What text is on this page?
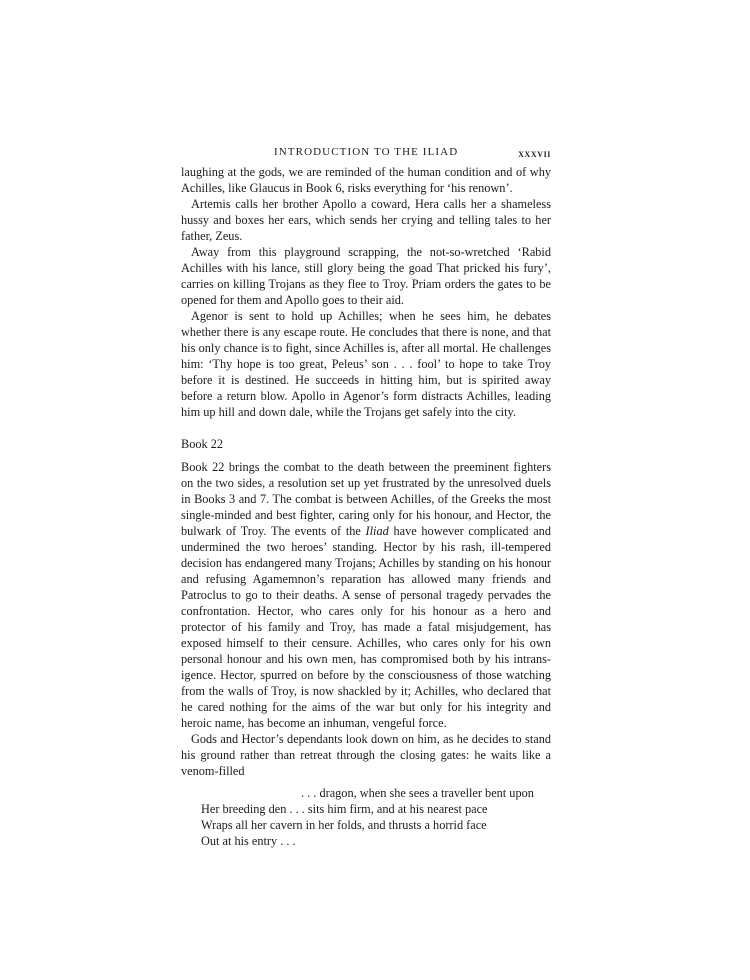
INTRODUCTION TO THE ILIAD	xxxvii

laughing at the gods, we are reminded of the human condition and of why Achilles, like Glaucus in Book 6, risks everything for ‘his renown’.

Artemis calls her brother Apollo a coward, Hera calls her a shameless hussy and boxes her ears, which sends her crying and telling tales to her father, Zeus.

Away from this playground scrapping, the not-so-wretched ‘Rabid Achilles with his lance, still glory being the goad That pricked his fury’, carries on killing Trojans as they flee to Troy. Priam orders the gates to be opened for them and Apollo goes to their aid.

Agenor is sent to hold up Achilles; when he sees him, he debates whether there is any escape route. He concludes that there is none, and that his only chance is to fight, since Achilles is, after all mortal. He challenges him: ‘Thy hope is too great, Peleus’ son . . . fool’ to hope to take Troy before it is destined. He succeeds in hitting him, but is spirited away before a return blow. Apollo in Agenor’s form distracts Achilles, leading him up hill and down dale, while the Trojans get safely into the city.

Book 22

Book 22 brings the combat to the death between the preeminent fighters on the two sides, a resolution set up yet frustrated by the unresolved duels in Books 3 and 7. The combat is between Achilles, of the Greeks the most single-minded and best fighter, caring only for his honour, and Hector, the bulwark of Troy. The events of the Iliad have however complicated and undermined the two heroes’ standing. Hector by his rash, ill-tempered decision has endangered many Trojans; Achilles by standing on his honour and refusing Agamemnon’s reparation has allowed many friends and Patroclus to go to their deaths. A sense of personal tragedy pervades the confrontation. Hector, who cares only for his honour as a hero and protector of his family and Troy, has made a fatal misjudgement, has exposed himself to their censure. Achilles, who cares only for his own personal honour and his own men, has compromised both by his intransigence. Hector, spurred on before by the consciousness of those watching from the walls of Troy, is now shackled by it; Achilles, who declared that he cared nothing for the aims of the war but only for his integrity and heroic name, has become an inhuman, vengeful force.

Gods and Hector’s dependants look down on him, as he decides to stand his ground rather than retreat through the closing gates: he waits like a venom-filled

. . . dragon, when she sees a traveller bent upon
Her breeding den . . . sits him firm, and at his nearest pace
Wraps all her cavern in her folds, and thrusts a horrid face
Out at his entry . . .
